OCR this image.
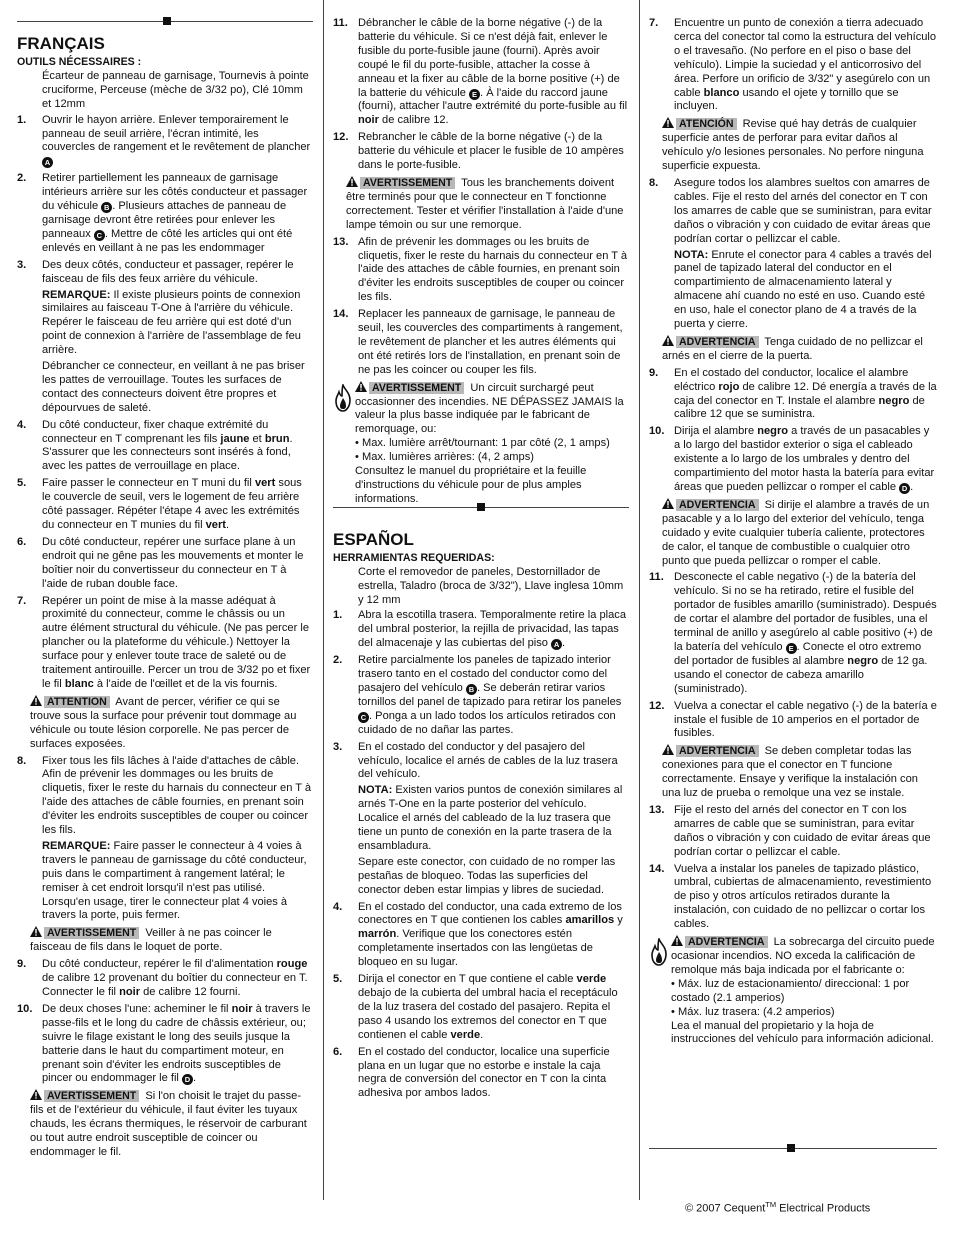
FRANÇAIS
OUTILS NÉCESSAIRES :
Écarteur de panneau de garnisage, Tournevis à pointe cruciforme, Perceuse (mèche de 3/32 po), Clé 10mm et 12mm
1.	Ouvrir le hayon arrière. Enlever temporairement le panneau de seuil arrière, l'écran intimité, les couvercles de rangement et le revêtement de plancher A
2.	Retirer partiellement les panneaux de garnisage intérieurs arrière sur les côtés conducteur et passager du véhicule B . Plusieurs attaches de panneau de garnisage devront être retirées pour enlever les panneaux C . Mettre de côté les articles qui ont été enlevés en veillant à ne pas les endommager
3.	Des deux côtés, conducteur et passager, repérer le faisceau de fils des feux arrière du véhicule.

REMARQUE: Il existe plusieurs points de connexion similaires au faisceau T-One à l'arrière du véhicule. Repérer le faisceau de feu arrière qui est doté d'un point de connexion à l'arrière de l'assemblage de feu arrière.

Débrancher ce connecteur, en veillant à ne pas briser les pattes de verrouillage. Toutes les surfaces de contact des connecteurs doivent être propres et dépourvues de saleté.

4.	Du côté conducteur, fixer chaque extrémité du connecteur en T comprenant les fils jaune et brun. S'assurer que les connecteurs sont insérés à fond, avec les pattes de verrouillage en place.
5.	Faire passer le connecteur en T muni du fil vert sous le couvercle de seuil, vers le logement de feu arrière côté passager. Répéter l'étape 4 avec les extrémités du connecteur en T munies du fil vert.
6.	Du côté conducteur, repérer une surface plane à un endroit qui ne gêne pas les mouvements et monter le boîtier noir du convertisseur du connecteur en T à l'aide de ruban double face.
7.	Repérer un point de mise à la masse adéquat à proximité du connecteur, comme le châssis ou un autre élément structural du véhicule. (Ne pas percer le plancher ou la plateforme du véhicule.) Nettoyer la surface pour y enlever toute trace de saleté ou de traitement antirouille. Percer un trou de 3/32 po et fixer le fil blanc à l'aide de l'œillet et de la vis fournis.
ATTENTION Avant de percer, vérifier ce qui se trouve sous la surface pour prévenir tout dommage au véhicule ou toute lésion corporelle. Ne pas percer de surfaces exposées.
8.	Fixer tous les fils lâches à l'aide d'attaches de câble. Afin de prévenir les dommages ou les bruits de cliquetis, fixer le reste du harnais du connecteur en T à l'aide des attaches de câble fournies, en prenant soin d'éviter les endroits susceptibles de couper ou coincer les fils.

REMARQUE: Faire passer le connecteur à 4 voies à travers le panneau de garnissage du côté conducteur, puis dans le compartiment à rangement latéral; le remiser à cet endroit lorsqu'il n'est pas utilisé. Lorsqu'en usage, tirer le connecteur plat 4 voies à travers la porte, puis fermer.

AVERTISSEMENT Veiller à ne pas coincer le faisceau de fils dans le loquet de porte.
9.	Du côté conducteur, repérer le fil d'alimentation rouge de calibre 12 provenant du boîtier du connecteur en T. Connecter le fil noir de calibre 12 fourni.
10. De deux choses l'une: acheminer le fil noir à travers le passe-fils et le long du cadre de châssis extérieur, ou; suivre le filage existant le long des seuils jusque la batterie dans le haut du compartiment moteur, en prenant soin d'éviter les endroits susceptibles de pincer ou endommager le fil D .
AVERTISSEMENT Si l'on choisit le trajet du passe-fils et de l'extérieur du véhicule, il faut éviter les tuyaux chauds, les écrans thermiques, le réservoir de carburant ou tout autre endroit susceptible de coincer ou endommager le fil.
11. Débrancher le câble de la borne négative (-) de la batterie du véhicule. Si ce n'est déjà fait, enlever le fusible du porte-fusible jaune (fourni). Après avoir coupé le fil du porte-fusible, attacher la cosse à anneau et la fixer au câble de la borne positive (+) de la batterie du véhicule E . À l'aide du raccord jaune (fourni), attacher l'autre extrémité du porte-fusible au fil noir de calibre 12.
12. Rebrancher le câble de la borne négative (-) de la batterie du véhicule et placer le fusible de 10 ampères dans le porte-fusible.
AVERTISSEMENT Tous les branchements doivent être terminés pour que le connecteur en T fonctionne correctement. Tester et vérifier l'installation à l'aide d'une lampe témoin ou sur une remorque.
13. Afin de prévenir les dommages ou les bruits de cliquetis, fixer le reste du harnais du connecteur en T à l'aide des attaches de câble fournies, en prenant soin d'éviter les endroits susceptibles de couper ou coincer les fils.
14. Replacer les panneaux de garnisage, le panneau de seuil, les couvercles des compartiments à rangement, le revêtement de plancher et les autres éléments qui ont été retirés lors de l'installation, en prenant soin de ne pas les coincer ou couper les fils.
AVERTISSEMENT Un circuit surchargé peut occasionner des incendies. NE DÉPASSEZ JAMAIS la valeur la plus basse indiquée par le fabricant de remorquage, ou:
• Max. lumière arrêt/tournant: 1 par côté (2, 1 amps)
• Max. lumières arrières: (4, 2 amps)
Consultez le manuel du propriétaire et la feuille d'instructions du véhicule pour de plus amples informations.
ESPAÑOL
HERRAMIENTAS REQUERIDAS:
Corte el removedor de paneles, Destornillador de estrella, Taladro (broca de 3/32"), Llave inglesa 10mm y 12 mm
1.	Abra la escotilla trasera. Temporalmente retire la placa del umbral posterior, la rejilla de privacidad, las tapas del almacenaje y las cubiertas del piso A .
2.	Retire parcialmente los paneles de tapizado interior trasero tanto en el costado del conductor como del pasajero del vehículo B . Se deberán retirar varios tornillos del panel de tapizado para retirar los paneles C . Ponga a un lado todos los artículos retirados con cuidado de no dañar las partes.
3.	En el costado del conductor y del pasajero del vehículo, localice el arnés de cables de la luz trasera del vehículo.

NOTA: Existen varios puntos de conexión similares al arnés T-One en la parte posterior del vehículo. Localice el arnés del cableado de la luz trasera que tiene un punto de conexión en la parte trasera de la ensambladura.

Separe este conector, con cuidado de no romper las pestañas de bloqueo. Todas las superficies del conector deben estar limpias y libres de suciedad.

4.	En el costado del conductor, una cada extremo de los conectores en T que contienen los cables amarillos y marrón. Verifique que los conectores estén completamente insertados con las lengüetas de bloqueo en su lugar.
5.	Dirija el conector en T que contiene el cable verde debajo de la cubierta del umbral hacia el receptáculo de la luz trasera del costado del pasajero. Repita el paso 4 usando los extremos del conector en T que contienen el cable verde.
6.	En el costado del conductor, localice una superficie plana en un lugar que no estorbe e instale la caja negra de conversión del conector en T con la cinta adhesiva por ambos lados.
7.	Encuentre un punto de conexión a tierra adecuado cerca del conector tal como la estructura del vehículo o el travesaño. (No perfore en el piso o base del vehículo). Limpie la suciedad y el anticorrosivo del área. Perfore un orificio de 3/32" y asegúrelo con un cable blanco usando el ojete y tornillo que se incluyen.
ATENCIÓN Revise qué hay detrás de cualquier superficie antes de perforar para evitar daños al vehículo y/o lesiones personales. No perfore ninguna superficie expuesta.
8.	Asegure todos los alambres sueltos con amarres de cables. Fije el resto del arnés del conector en T con los amarres de cable que se suministran, para evitar daños o vibración y con cuidado de evitar áreas que podrían cortar o pellizcar el cable.

NOTA: Enrute el conector para 4 cables a través del panel de tapizado lateral del conductor en el compartimiento de almacenamiento lateral y almacene ahí cuando no esté en uso. Cuando esté en uso, hale el conector plano de 4 a través de la puerta y cierre.

ADVERTENCIA Tenga cuidado de no pellizcar el arnés en el cierre de la puerta.
9.	En el costado del conductor, localice el alambre eléctrico rojo de calibre 12. Dé energía a través de la caja del conector en T. Instale el alambre negro de calibre 12 que se suministra.
10. Dirija el alambre negro a través de un pasacables y a lo largo del bastidor exterior o siga el cableado existente a lo largo de los umbrales y dentro del compartimiento del motor hasta la batería para evitar áreas que pueden pellizcar o romper el cable D .
ADVERTENCIA Si dirije el alambre a través de un pasacable y a lo largo del exterior del vehículo, tenga cuidado y evite cualquier tubería caliente, protectores de calor, el tanque de combustible o cualquier otro punto que pueda pellizcar o romper el cable.
11. Desconecte el cable negativo (-) de la batería del vehículo. Si no se ha retirado, retire el fusible del portador de fusibles amarillo (suministrado). Después de cortar el alambre del portador de fusibles, una el terminal de anillo y asegúrelo al cable positivo (+) de la batería del vehículo E . Conecte el otro extremo del portador de fusibles al alambre negro de 12 ga. usando el conector de cabeza amarillo (suministrado).
12. Vuelva a conectar el cable negativo (-) de la batería e instale el fusible de 10 amperios en el portador de fusibles.
ADVERTENCIA Se deben completar todas las conexiones para que el conector en T funcione correctamente. Ensaye y verifique la instalación con una luz de prueba o remolque una vez se instale.
13. Fije el resto del arnés del conector en T con los amarres de cable que se suministran, para evitar daños o vibración y con cuidado de evitar áreas que podrían cortar o pellizcar el cable.
14. Vuelva a instalar los paneles de tapizado plástico, umbral, cubiertas de almacenamiento, revestimiento de piso y otros artículos retirados durante la instalación, con cuidado de no pellizcar o cortar los cables.
ADVERTENCIA La sobrecarga del circuito puede ocasionar incendios. NO exceda la calificación de remolque más baja indicada por el fabricante o:
• Máx. luz de estacionamiento/ direccional: 1 por costado (2.1 amperios)
• Máx. luz trasera: (4.2 amperios)
Lea el manual del propietario y la hoja de instrucciones del vehículo para información adicional.
© 2007 Cequent™ Electrical Products
